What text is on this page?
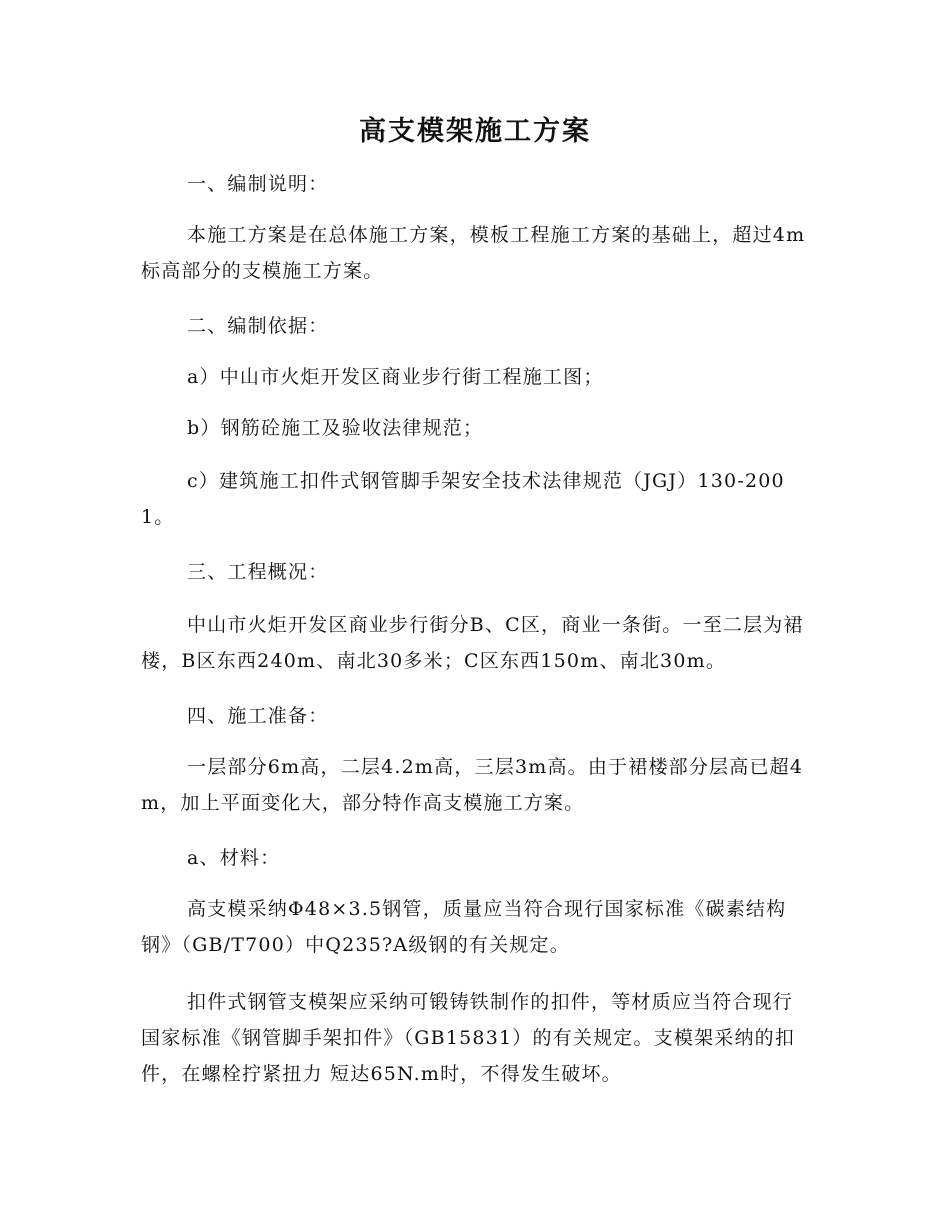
高支模架施工方案
一、编制说明：
本施工方案是在总体施工方案，模板工程施工方案的基础上，超过4m标高部分的支模施工方案。
二、编制依据：
a）中山市火炬开发区商业步行街工程施工图；
b）钢筋砼施工及验收法律规范；
c）建筑施工扣件式钢管脚手架安全技术法律规范（JGJ）130-2001。
三、工程概况：
中山市火炬开发区商业步行街分B、C区，商业一条街。一至二层为裙楼，B区东西240m、南北30多米；C区东西150m、南北30m。
四、施工准备：
一层部分6m高，二层4.2m高，三层3m高。由于裙楼部分层高已超4m，加上平面变化大，部分特作高支模施工方案。
a、材料：
高支模采纳Φ48×3.5钢管，质量应当符合现行国家标准《碳素结构钢》（GB/T700）中Q235?A级钢的有关规定。
扣件式钢管支模架应采纳可锻铸铁制作的扣件，等材质应当符合现行国家标准《钢管脚手架扣件》（GB15831）的有关规定。支模架采纳的扣件，在螺栓拧紧扭力 短达65N.m时，不得发生破坏。
